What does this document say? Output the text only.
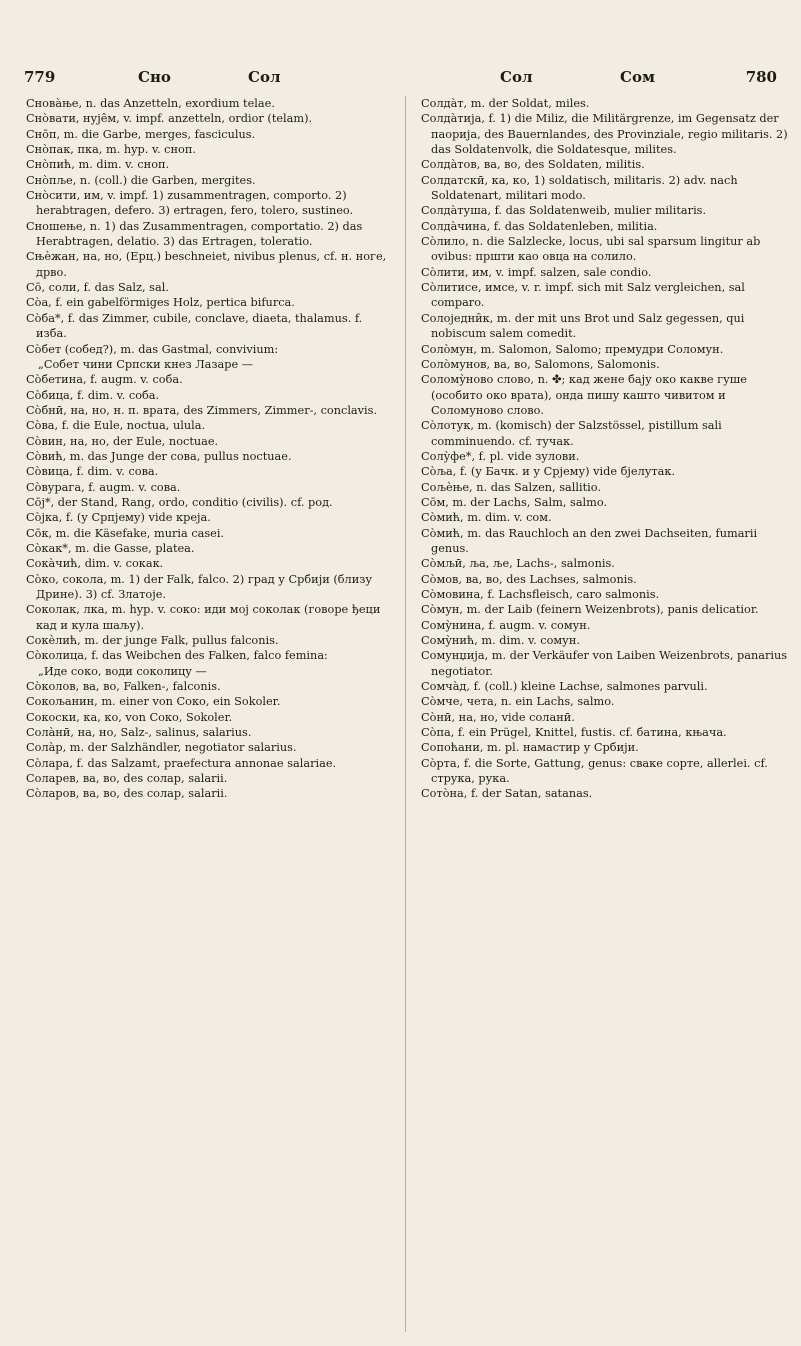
779	Сно	Сол	Сол	Сом	780

Снова̀ње, n. das Anzetteln, exordium telae.

Сно̀вати, нује̂м, v. impf. anzetteln, ordior (telam).

Сно̄п, m. die Garbe, merges, fasciculus.

Сно̀пак, пка, m. hyp. v. сноп.

Сно̀пић, m. dim. v. сноп.

Сно̀пље, n. (coll.) die Garben, mergites.

Сно̀сити, им, v. impf. 1) zusammentragen, comporto. 2) herabtragen, defero. 3) ertragen, fero, tolero, sustineo.

Сношење, n. 1) das Zusammentragen, comportatio. 2) das Herabtragen, delatio. 3) das Ertragen, toleratio.

Сњѐжан, на, но, (Ерц.) beschneiet, nivibus plenus, cf. н. ноге, дрво.

Со̄, соли, f. das Salz, sal.

Со̀а, f. ein gabelförmiges Holz, pertica bifurca.

Со̀ба*, f. das Zimmer, cubile, conclave, diaeta, thalamus. f. изба.

Со̀бет (собед?), m. das Gastmal, convivium:

„Собет чини Српски кнез Лазаре —

Со̀бетина, f. augm. v. соба.

Со̀бица, f. dim. v. соба.

Со̀бнӣ, на, но, н. п. врата, des Zimmers, Zimmer-, conclavis.

Со̀ва, f. die Eule, noctua, ulula.

Со̀вин, на, но, der Eule, noctuae.

Со̀вић, m. das Junge der сова, pullus noctuae.

Со̀вица, f. dim. v. сова.

Со̀вурага, f. augm. v. сова.

Со̄ј*, der Stand, Rang, ordo, conditio (civilis). cf. род.

Со̀јка, f. (у Српјему) vide креја.

Со̄к, m. die Käsefake, muria casei.

Со̀как*, m. die Gasse, platea.

Сока̀чић, dim. v. сокак.

Со̀ко, сокола, m. 1) der Falk, falco. 2) град у Србији (близу Дрине). 3) cf. Златоје.

Соколак, лка, m. hyp. v. соко: иди мој соколак (говоре ђеци кад и кула шаљу).

Сокѐлић, m. der junge Falk, pullus falconis.

Со̀колица, f. das Weibchen des Falken, falco femina:

„Иде соко, води соколицу —

Со̀колов, ва, во, Falken-, falconis.

Сокољанин, m. einer von Соко, ein Sokoler.

Сокоски, ка, ко, von Соко, Sokoler.

Сола̀нӣ, на, но, Salz-, salinus, salarius.

Сола̀р, m. der Salzhändler, negotiator salarius.

Со̀лара, f. das Salzamt, praefectura annonae salariae.

Соларев, ва, во, des солар, salarii.

Со̀ларов, ва, во, des солар, salarii.

Солда̀т, m. der Soldat, miles.

Солда̀тија, f. 1) die Miliz, die Militärgrenze, im Gegensatz der паорија, des Bauernlandes, des Provinziale, regio militaris. 2) das Soldatenvolk, die Soldatesque, milites.

Солда̀тов, ва, во, des Soldaten, militis.

Солдатскӣ, ка, ко, 1) soldatisch, militaris. 2) adv. nach Soldatenart, militari modo.

Солда̀тушa, f. das Soldatenweib, mulier militaris.

Солда̀чина, f. das Soldatenleben, militia.

Со̀лило, n. die Salzlecke, locus, ubi sal sparsum lingitur ab ovibus: пршти као овца на солило.

Со̀лити, им, v. impf. salzen, sale condio.

Со̀литисе, имсе, v. r. impf. sich mit Salz vergleichen, sal comparo.

Солоједни̑к, m. der mit uns Brot und Salz gegessen, qui nobiscum salem comedit.

Соло̀мун, m. Salomon, Salomo; премудри Соломун.

Соло̀мунов, ва, во, Salomons, Salomonis.

Солому̀ново слово, n. ✤; кад жене бају око какве гуше (особито око врата), онда пишу кашто чивитом и Соломуново слово.

Со̀лотук, m. (komisch) der Salzstössel, pistillum sali comminuendo. cf. тучак.

Солу̀фе*, f. pl. vide зулови.

Со̀ља, f. (у Бачк. и у Срјему) vide бјелутак.

Сољѐње, n. das Salzen, sallitio.

Со̄м, m. der Lachs, Salm, salmo.

Со̀мић, m. dim. v. сом.

Со̀мић, m. das Rauchloch an den zwei Dachseiten, fumarii genus.

Со̀мљӣ, ља, ље, Lachs-, salmonis.

Со̀мов, ва, во, des Lachses, salmonis.

Со̀мовина, f. Lachsfleisch, caro salmonis.

Со̀мун, m. der Laib (feinern Weizenbrots), panis delicatior.

Сому̀нина, f. augm. v. сомун.

Сому̀нић, m. dim. v. сомун.

Сомунџија, m. der Verkäufer von Laiben Weizenbrots, panarius negotiator.

Сомча̀д, f. (coll.) kleine Lachse, salmones parvuli.

Со̀мче, чета, n. ein Lachs, salmo.

Со̀нӣ, на, но, vide соланӣ.

Со̀па, f. ein Prügel, Knittel, fustis. cf. батина, књача.

Сопоћани, m. pl. намастир у Србији.

Со̀рта, f. die Sorte, Gattung, genus: сваке сорте, allerlei. cf. струка, рука.

Сото̀на, f. der Satan, satanas.
